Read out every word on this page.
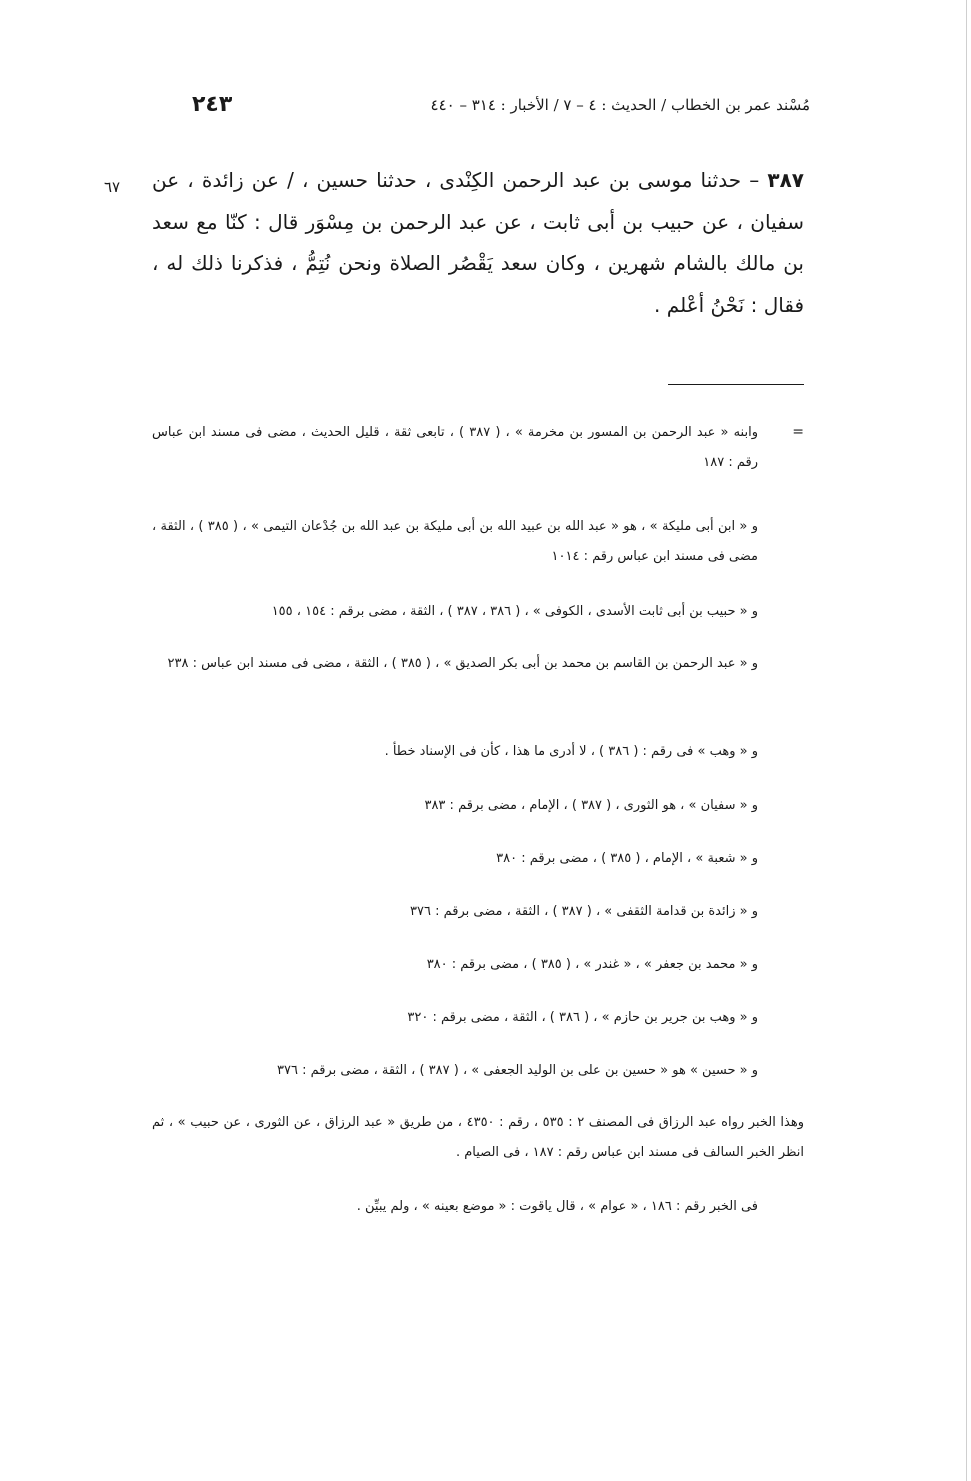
مُسْند عمر بن الخطاب / الحديث : ٤ – ٧ / الأخبار : ٣١٤ – ٤٤٠
٢٤٣
٦٧	٣٨٧ – حدثنا موسى بن عبد الرحمن الكِنْدى ، حدثنا حسين ، / عن زائدة ، عن سفيان ، عن حبيب بن أبى ثابت ، عن عبد الرحمن بن مِسْوَر قال : كنّا مع سعد بن مالك بالشام شهرين ، وكان سعد يَقْصُر الصلاة ونحن نُتِمُّ ، فذكرنا ذلك له ، فقال : نَحْنُ أعْلم .

=
وابنه « عبد الرحمن بن المسور بن مخرمة » ، ( ٣٨٧ ) ، تابعى ثقة ، قليل الحديث ، مضى فى مسند ابن عباس رقم : ١٨٧
و « ابن أبى مليكة » ، هو « عبد الله بن عبيد الله بن أبى مليكة بن عبد الله بن جُدْعان التيمى » ، ( ٣٨٥ ) ، الثقة ، مضى فى مسند ابن عباس رقم : ١٠١٤
و « حبيب بن أبى ثابت الأسدى ، الكوفى » ، ( ٣٨٦ ، ٣٨٧ ) ، الثقة ، مضى برقم : ١٥٤ ، ١٥٥
و « عبد الرحمن بن القاسم بن محمد بن أبى بكر الصديق » ، ( ٣٨٥ ) ، الثقة ، مضى فى مسند ابن عباس : ٢٣٨
و « وهب » فى رقم : ( ٣٨٦ ) ، لا أدرى ما هذا ، كأن فى الإسناد خطأ .
و « سفيان » ، هو الثورى ، ( ٣٨٧ ) ، الإمام ، مضى برقم : ٣٨٣
و « شعبة » ، الإمام ، ( ٣٨٥ ) ، مضى برقم : ٣٨٠
و « زائدة بن قدامة الثقفى » ، ( ٣٨٧ ) ، الثقة ، مضى برقم : ٣٧٦
و « محمد بن جعفر » ، « غندر » ، ( ٣٨٥ ) ، مضى برقم : ٣٨٠
و « وهب بن جرير بن حازم » ، ( ٣٨٦ ) ، الثقة ، مضى برقم : ٣٢٠
و « حسين » هو « حسين بن على بن الوليد الجعفى » ، ( ٣٨٧ ) ، الثقة ، مضى برقم : ٣٧٦
وهذا الخبر رواه عبد الرزاق فى المصنف ٢ : ٥٣٥ ، رقم : ٤٣٥٠ ، من طريق « عبد الرزاق ، عن الثورى ، عن حبيب » ، ثم انظر الخبر السالف فى مسند ابن عباس رقم : ١٨٧ ، فى الصيام .
فى الخبر رقم : ١٨٦ ، « عوام » ، قال ياقوت : « موضع بعينه » ، ولم يبيِّن .
